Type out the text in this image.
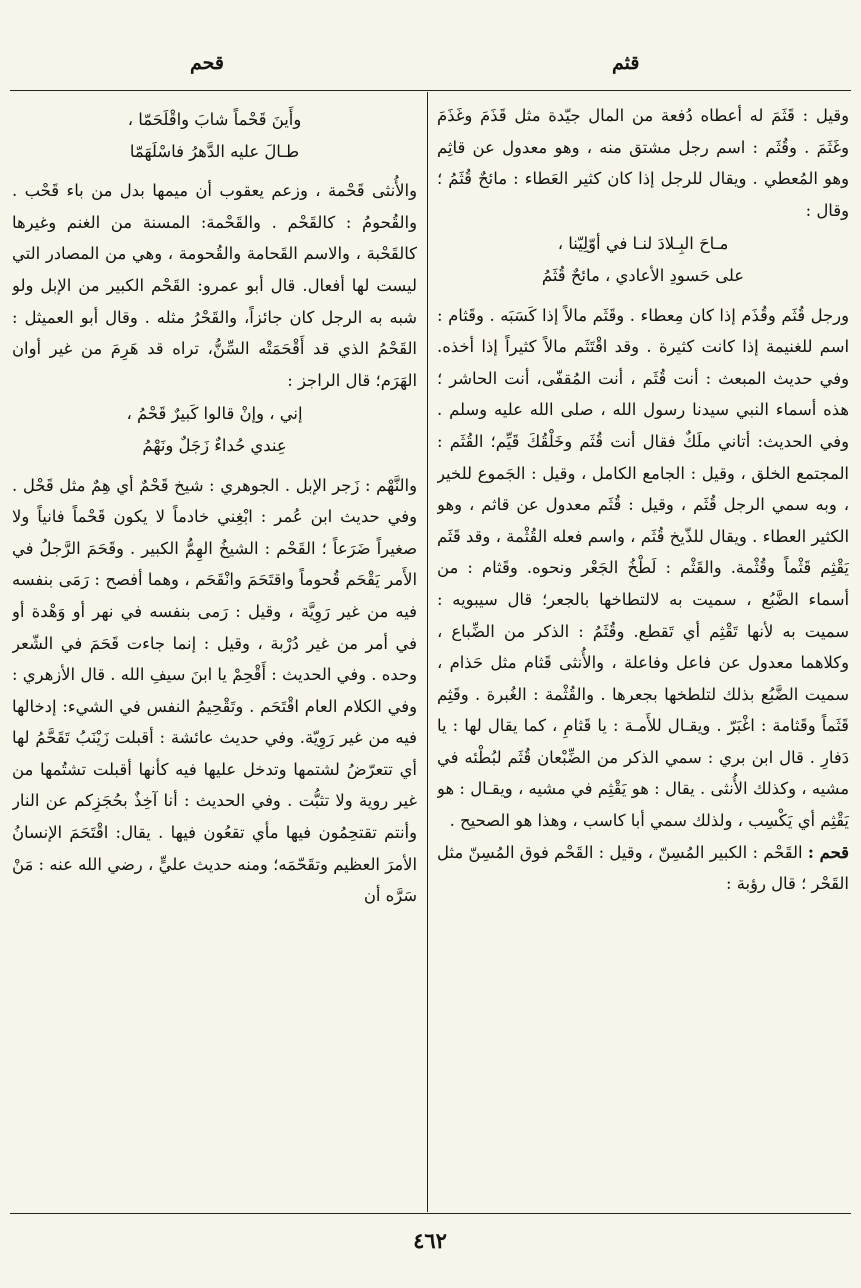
قثم
قحم

وقيل : قَثَمَ له أعطاه دُفعة من المال جيّدة مثل قَذَمَ وغَذَمَ وغَثَمَ . وقُثَم : اسم رجل مشتق منه ، وهو معدول عن قاثِم وهو المُعطي . ويقال للرجل إذا كان كثير العَطاء : مائحٌ قُثَمُ ؛ وقال :

مـاحَ البِـلادَ لنـا في أوّلِيّنا ،

على حَسودِ الأعادي ، مائحٌ قُثَمُ

ورجل قُثَم وقُذَم إذا كان مِعطاء . وقَثَم مالاً إذا كَسَبَه . وقَثام : اسم للغنيمة إذا كانت كثيرة . وقد اقْتَثَم مالاً كثيراً إذا أخذه. وفي حديث المبعث : أنت قُثَم ، أنت المُقفّى، أنت الحاشر ؛ هذه أسماء النبي سيدنا رسول الله ، صلى الله عليه وسلم . وفي الحديث: أتاني ملَكٌ فقال أنت قُثَم وخَلْقُكَ قَيِّم؛ القُثَم : المجتمع الخلق ، وقيل : الجامع الكامل ، وقيل : الجَموع للخير ، وبه سمي الرجل قُثَم ، وقيل : قُثَم معدول عن قاثم ، وهو الكثير العطاء . ويقال للذّيخ قُثَم ، واسم فعله القُثْمة ، وقد قَثَم يَقْثِم قَثْماً وقُثْمة. والقَثْم : لَطْخُ الجَعْر ونحوه. وقَثام : من أسماء الضَّبُع ، سميت به لالتطاخها بالجعر؛ قال سيبويه : سميت به لأنها تَقْثِم أي تَقطع. وقُثَمُ : الذكر من الضِّباع ، وكلاهما معدول عن فاعل وفاعلة ، والأُنثى قَثام مثل حَذام ، سميت الضَّبُع بذلك لتلطخها بجعرها . والقُثْمة : الغُبرة . وقَثِم قَثَماً وقَثامة : اغْبَرّ . ويقـال للأَمـة : يا قَثامِ ، كما يقال لها : يا دَفارِ . قال ابن بري : سمي الذكر من الضِّبْعان قُثَم لبُطْئه في مشيه ، وكذلك الأُنثى . يقال : هو يَقْثِم في مشيه ، ويقـال : هو يَقْثِم أي يَكْسِب ، ولذلك سمي أبا كاسب ، وهذا هو الصحيح .

قحم : القَحْم : الكبير المُسِنّ ، وقيل : القَحْم فوق المُسِنّ مثل القَحْر ؛ قال رؤبة :

وأَينَ قَحْماً شابَ واقْلَحَمّا ،

طـالَ عليه الدَّهرُ فاسْلَهَمّا

والأُنثى قَحْمة ، وزعم يعقوب أن ميمها بدل من باء قَحْب . والقُحومُ : كالقَحْم . والقَحْمة: المسنة من الغنم وغيرها كالقَحْبة ، والاسم القَحامة والقُحومة ، وهي من المصادر التي ليست لها أفعال. قال أبو عمرو: القَحْم الكبير من الإبل ولو شبه به الرجل كان جائزاً، والقَحْرُ مثله . وقال أبو العميثل : القَحْمُ الذي قد أَقْحَمَتْه السِّنُّ، تراه قد هَرِمَ من غير أوان الهَرَم؛ قال الراجز :

إني ، وإنْ قالوا كَبيرٌ قَحْمُ ،

عِندي حُداءٌ زَجَلٌ ونَهْمُ

والنَّهْم : زَجر الإبل . الجوهري : شيخ قَحْمٌ أي هِمٌ مثل قَحْل . وفي حديث ابن عُمر : ابْغِني خادماً لا يكون قَحْماً فانياً ولا صغيراً ضَرَعاً ؛ القَحْم : الشيخُ الهِمُّ الكبير . وقَحَمَ الرَّجلُ في الأَمر يَقْحَم قُحوماً واقتَحَمَ وانْقَحَم ، وهما أفصح : رَمَى بنفسه فيه من غير رَوِيَّة ، وقيل : رَمى بنفسه في نهر أو وَهْدة أو في أمر من غير دُرْبة ، وقيل : إنما جاءت قَحَمَ في الشّعر وحده . وفي الحديث : أَقْحِمْ يا ابنَ سيفِ الله . قال الأزهري : وفي الكلام العام اقْتَحَم . وتَقْحِيمُ النفس في الشيء: إدخالها فيه من غير رَوِيّة. وفي حديث عائشة : أقبلت زَيْنَبُ تَقَحَّمُ لها أي تتعرّضُ لشتمها وتدخل عليها فيه كأنها أقبلت تشتُمها من غير روية ولا تثبُّت . وفي الحديث : أنا آخِذٌ بحُجَزِكم عن النار وأنتم تقتحِمُون فيها مأي تقعُون فيها . يقال: اقْتَحَمَ الإنسانُ الأمرَ العظيم وتقَحّمَه؛ ومنه حديث عليٍّ ، رضي الله عنه : مَنْ سَرَّه أن

٤٦٢
